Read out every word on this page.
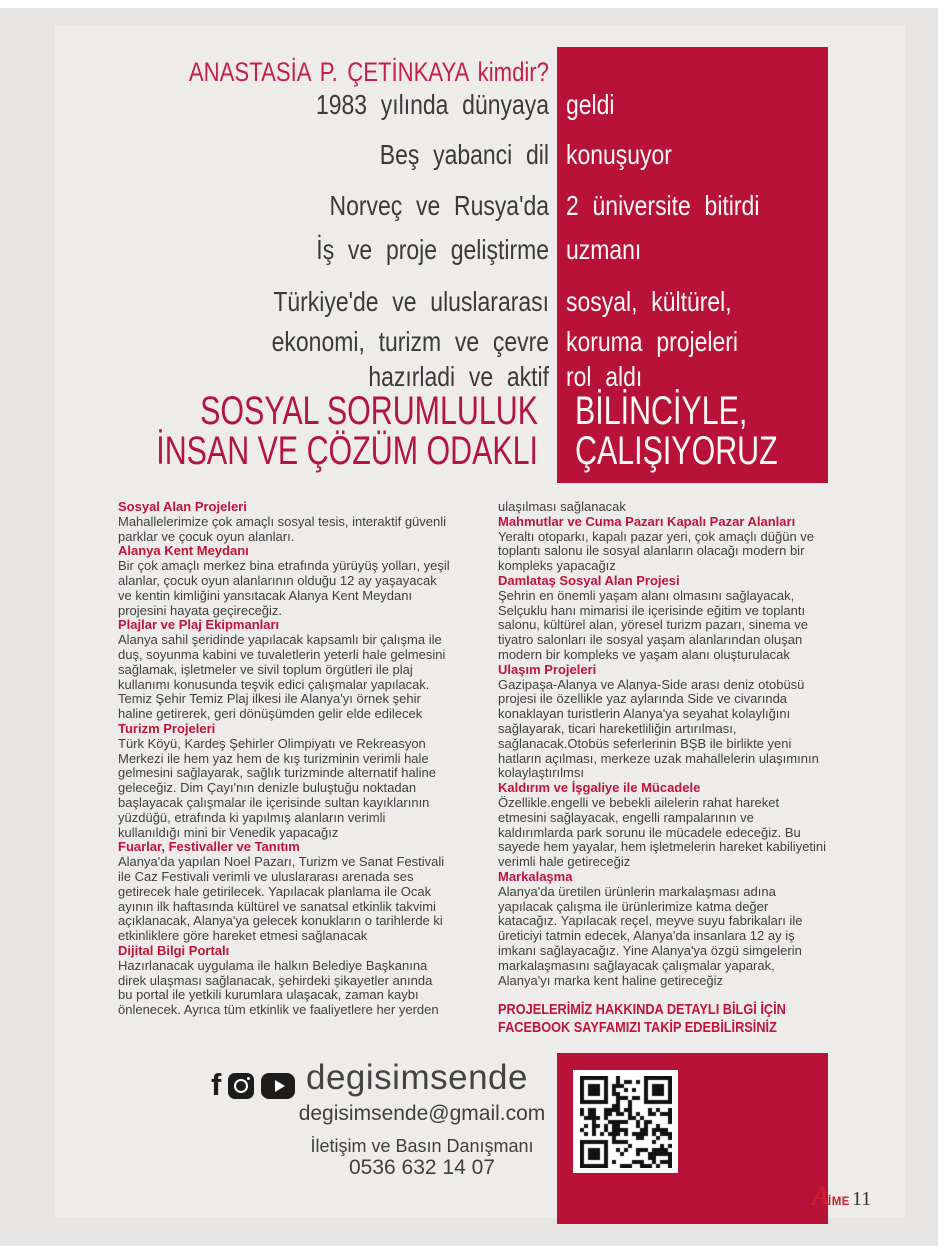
ANASTASİA P. ÇETİNKAYA kimdir?
Sosyal Alan Projeleri

Mahallelerimize çok amaçlı sosyal tesis, interaktif güvenli parklar ve çocuk oyun alanları.

Alanya Kent Meydanı

Bir çok amaçlı merkez bina etrafında yürüyüş yolları, yeşil alanlar, çocuk oyun alanlarının olduğu 12 ay yaşayacak ve kentin kimliğini yansıtacak Alanya Kent Meydanı projesini hayata geçireceğiz.

Plajlar ve Plaj Ekipmanları

Alanya sahil şeridinde yapılacak kapsamlı bir çalışma ile duş, soyunma kabini ve tuvaletlerin yeterli hale gelmesini sağlamak, işletmeler ve sivil toplum örgütleri ile plaj kullanımı konusunda teşvik edici çalışmalar yapılacak. Temiz Şehir Temiz Plaj ilkesi ile Alanya'yı örnek şehir haline getirerek, geri dönüşümden gelir elde edilecek

Turizm Projeleri

Türk Köyü, Kardeş Şehirler Olimpiyatı ve Rekreasyon Merkezi ile hem yaz hem de kış turizminin verimli hale gelmesini sağlayarak, sağlık turizminde alternatif haline geleceğiz. Dim Çayı'nın denizle buluştuğu noktadan başlayacak çalışmalar ile içerisinde sultan kayıklarının yüzdüğü, etrafında ki yapılmış alanların verimli kullanıldığı mini bir Venedik yapacağız

Fuarlar, Festivaller ve Tanıtım

Alanya'da yapılan Noel Pazarı, Turizm ve Sanat Festivali ile Caz Festivali verimli ve uluslararası arenada ses getirecek hale getirilecek. Yapılacak planlama ile Ocak ayının ilk haftasında kültürel ve sanatsal etkinlik takvimi açıklanacak, Alanya'ya gelecek konukların o tarihlerde ki etkinliklere göre hareket etmesi sağlanacak

Dijital Bilgi Portalı

Hazırlanacak uygulama ile halkın Belediye Başkanına direk ulaşması sağlanacak, şehirdeki şikayetler anında bu portal ile yetkili kurumlara ulaşacak, zaman kaybı önlenecek. Ayrıca tüm etkinlik ve faaliyetlere her yerden

ulaşılması sağlanacak

Mahmutlar ve Cuma Pazarı Kapalı Pazar Alanları

Yeraltı otoparkı, kapalı pazar yeri, çok amaçlı düğün ve toplantı salonu ile sosyal alanların olacağı modern bir kompleks yapacağız

Damlataş Sosyal Alan Projesi

Şehrin en önemli yaşam alanı olmasını sağlayacak, Selçuklu hanı mimarisi ile içerisinde eğitim ve toplantı salonu, kültürel alan, yöresel turizm pazarı, sinema ve tiyatro salonları ile sosyal yaşam alanlarından oluşan modern bir kompleks ve yaşam alanı oluşturulacak

Ulaşım Projeleri

Gazipaşa-Alanya ve Alanya-Side arası deniz otobüsü projesi ile özellikle yaz aylarında Side ve civarında konaklayan turistlerin Alanya'ya seyahat kolaylığını sağlayarak, ticari hareketliliğin artırılması, sağlanacak.Otobüs seferlerinin BŞB ile birlikte yeni hatların açılması, merkeze uzak mahallelerin ulaşımının kolaylaştırılmsı

Kaldırım ve İşgaliye ile Mücadele

Özellikle.engelli ve bebekli ailelerin rahat hareket etmesini sağlayacak, engelli rampalarının ve kaldırımlarda park sorunu ile mücadele edeceğiz. Bu sayede hem yayalar, hem işletmelerin hareket kabiliyetini verimli hale getireceğiz

Markalaşma

Alanya'da üretilen ürünlerin markalaşması adına yapılacak çalışma ile ürünlerimize katma değer katacağız. Yapılacak reçel, meyve suyu fabrikaları ile üreticiyi tatmin edecek, Alanya'da insanlara 12 ay iş imkanı sağlayacağız. Yine Alanya'ya özgü simgelerin markalaşmasını sağlayacak çalışmalar yaparak, Alanya'yı marka kent haline getireceğiz

PROJELERİMİZ HAKKINDA DETAYLI BİLGİ İÇİN
FACEBOOK SAYFAMIZI TAKİP EDEBİLİRSİNİZ
f degisimsende
degisimsende@gmail.com
İletişim ve Basın Danışmanı
0536 632 14 07
A
İME 11
1983 yılında dünyaya geldi
Beş yabanci dil konuşuyor
Norveç ve Rusya'da 2 üniversite bitirdi
İş ve proje geliştirme uzmanı
Türkiye'de ve uluslararası sosyal, kültürel,
ekonomi, turizm ve çevre koruma projeleri
hazırladi ve aktif rol aldı
SOSYAL SORUMLULUK BİLİNCİYLE,
İNSAN VE ÇÖZÜM ODAKLI ÇALIŞIYORUZ
